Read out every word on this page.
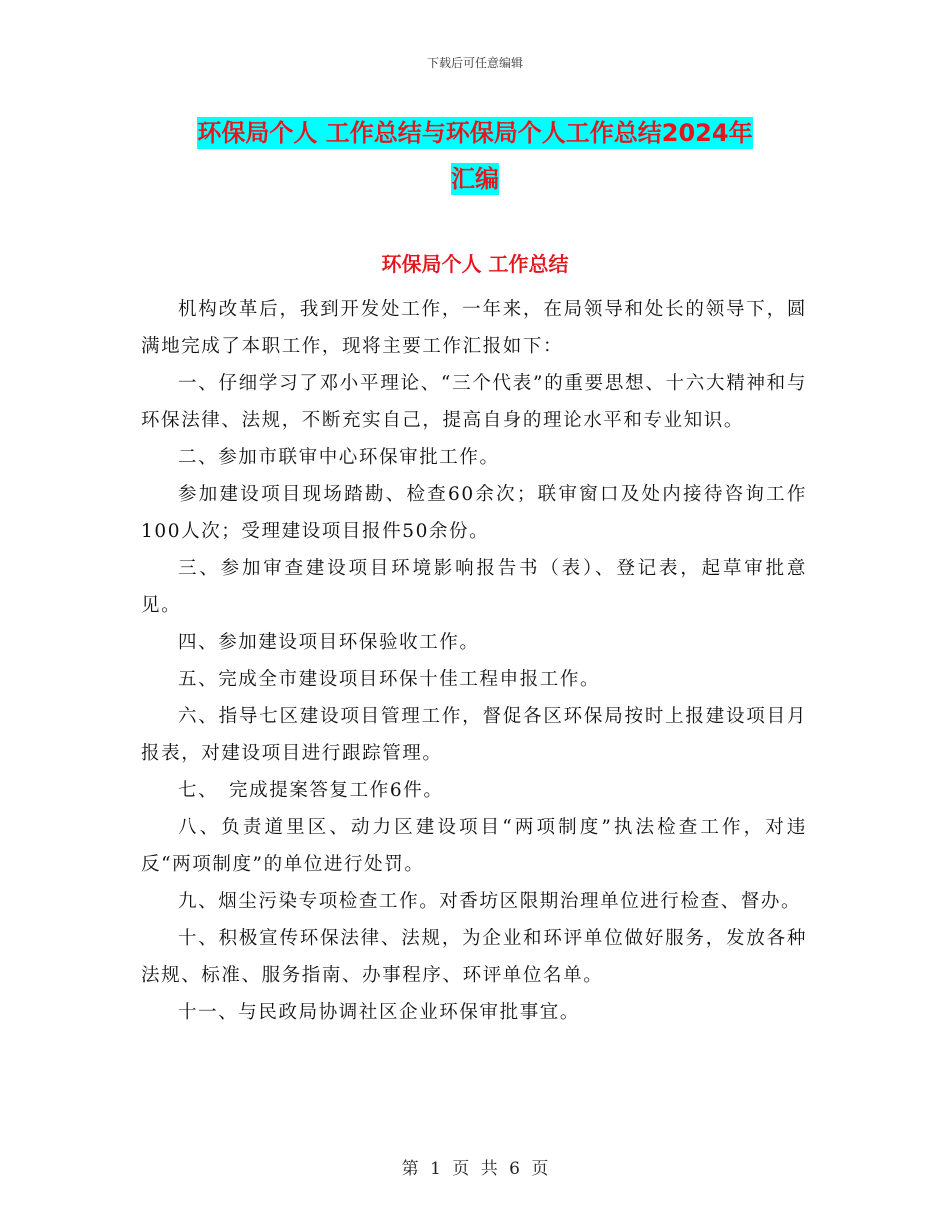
下载后可任意编辑
环保局个人 工作总结与环保局个人工作总结2024年
汇编
环保局个人 工作总结

机构改革后，我到开发处工作，一年来，在局领导和处长的领导下，圆满地完成了本职工作，现将主要工作汇报如下：

一、仔细学习了邓小平理论、“三个代表”的重要思想、十六大精神和与环保法律、法规，不断充实自己，提高自身的理论水平和专业知识。

二、参加市联审中心环保审批工作。

参加建设项目现场踏勘、检查60余次；联审窗口及处内接待咨询工作100人次；受理建设项目报件50余份。

三、参加审查建设项目环境影响报告书（表）、登记表，起草审批意见。

四、参加建设项目环保验收工作。

五、完成全市建设项目环保十佳工程申报工作。

六、指导七区建设项目管理工作，督促各区环保局按时上报建设项目月报表，对建设项目进行跟踪管理。

七、　完成提案答复工作6件。

八、负责道里区、动力区建设项目“两项制度”执法检查工作，对违反“两项制度”的单位进行处罚。

九、烟尘污染专项检查工作。对香坊区限期治理单位进行检查、督办。

十、积极宣传环保法律、法规，为企业和环评单位做好服务，发放各种法规、标准、服务指南、办事程序、环评单位名单。

十一、与民政局协调社区企业环保审批事宜。

第 1 页 共 6 页
